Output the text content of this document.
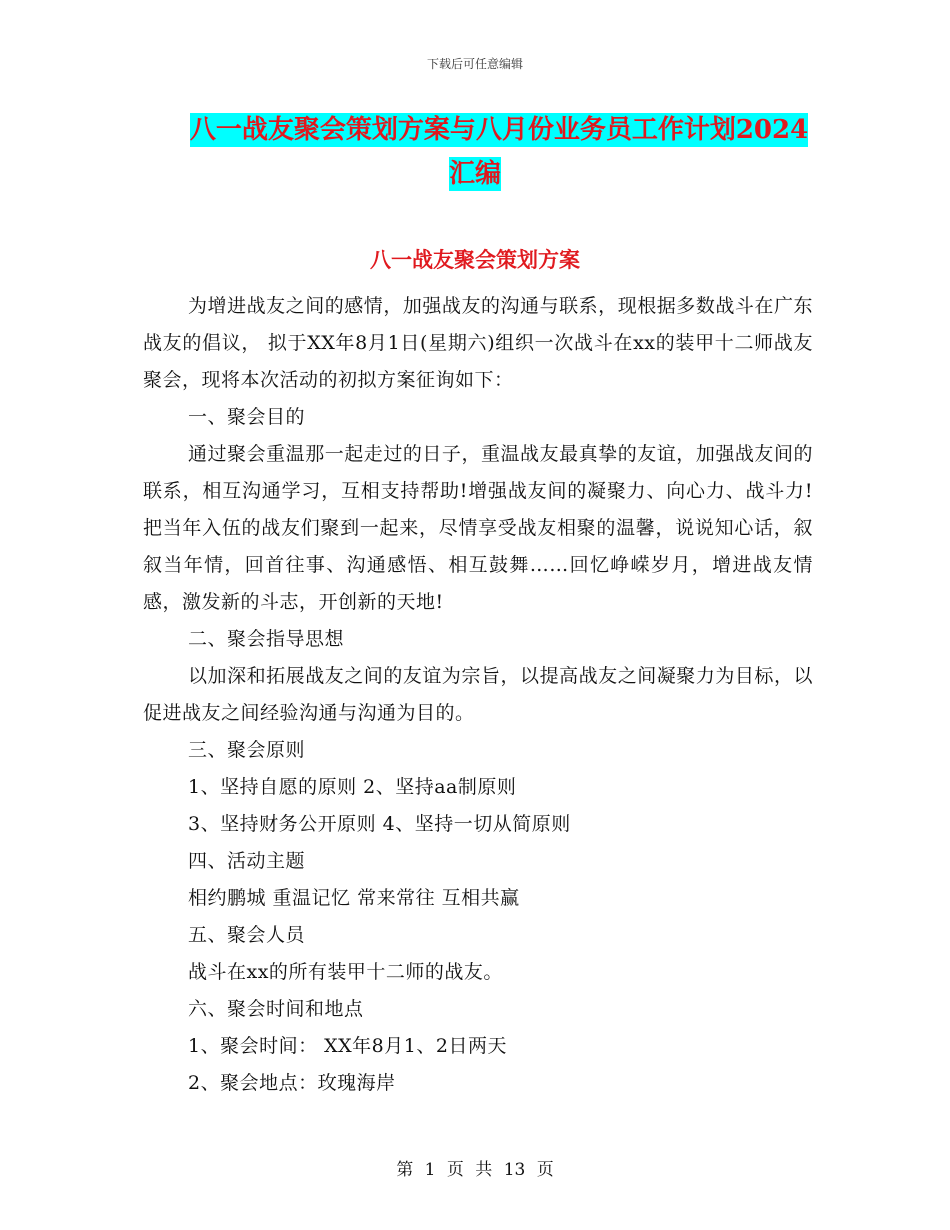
下载后可任意编辑
八一战友聚会策划方案与八月份业务员工作计划2024
汇编
八一战友聚会策划方案

为增进战友之间的感情，加强战友的沟通与联系，现根据多数战斗在广东战友的倡议， 拟于XX年8月1日(星期六)组织一次战斗在xx的装甲十二师战友聚会，现将本次活动的初拟方案征询如下：

一、聚会目的

通过聚会重温那一起走过的日子，重温战友最真挚的友谊，加强战友间的联系，相互沟通学习，互相支持帮助!增强战友间的凝聚力、向心力、战斗力!把当年入伍的战友们聚到一起来，尽情享受战友相聚的温馨，说说知心话，叙叙当年情，回首往事、沟通感悟、相互鼓舞……回忆峥嵘岁月，增进战友情感，激发新的斗志，开创新的天地!

二、聚会指导思想

以加深和拓展战友之间的友谊为宗旨，以提高战友之间凝聚力为目标，以促进战友之间经验沟通与沟通为目的。

三、聚会原则

1、坚持自愿的原则 2、坚持aa制原则

3、坚持财务公开原则 4、坚持一切从简原则

四、活动主题

相约鹏城 重温记忆 常来常往 互相共赢

五、聚会人员

战斗在xx的所有装甲十二师的战友。

六、聚会时间和地点

1、聚会时间： XX年8月1、2日两天

2、聚会地点：玫瑰海岸

第 1 页 共 13 页
